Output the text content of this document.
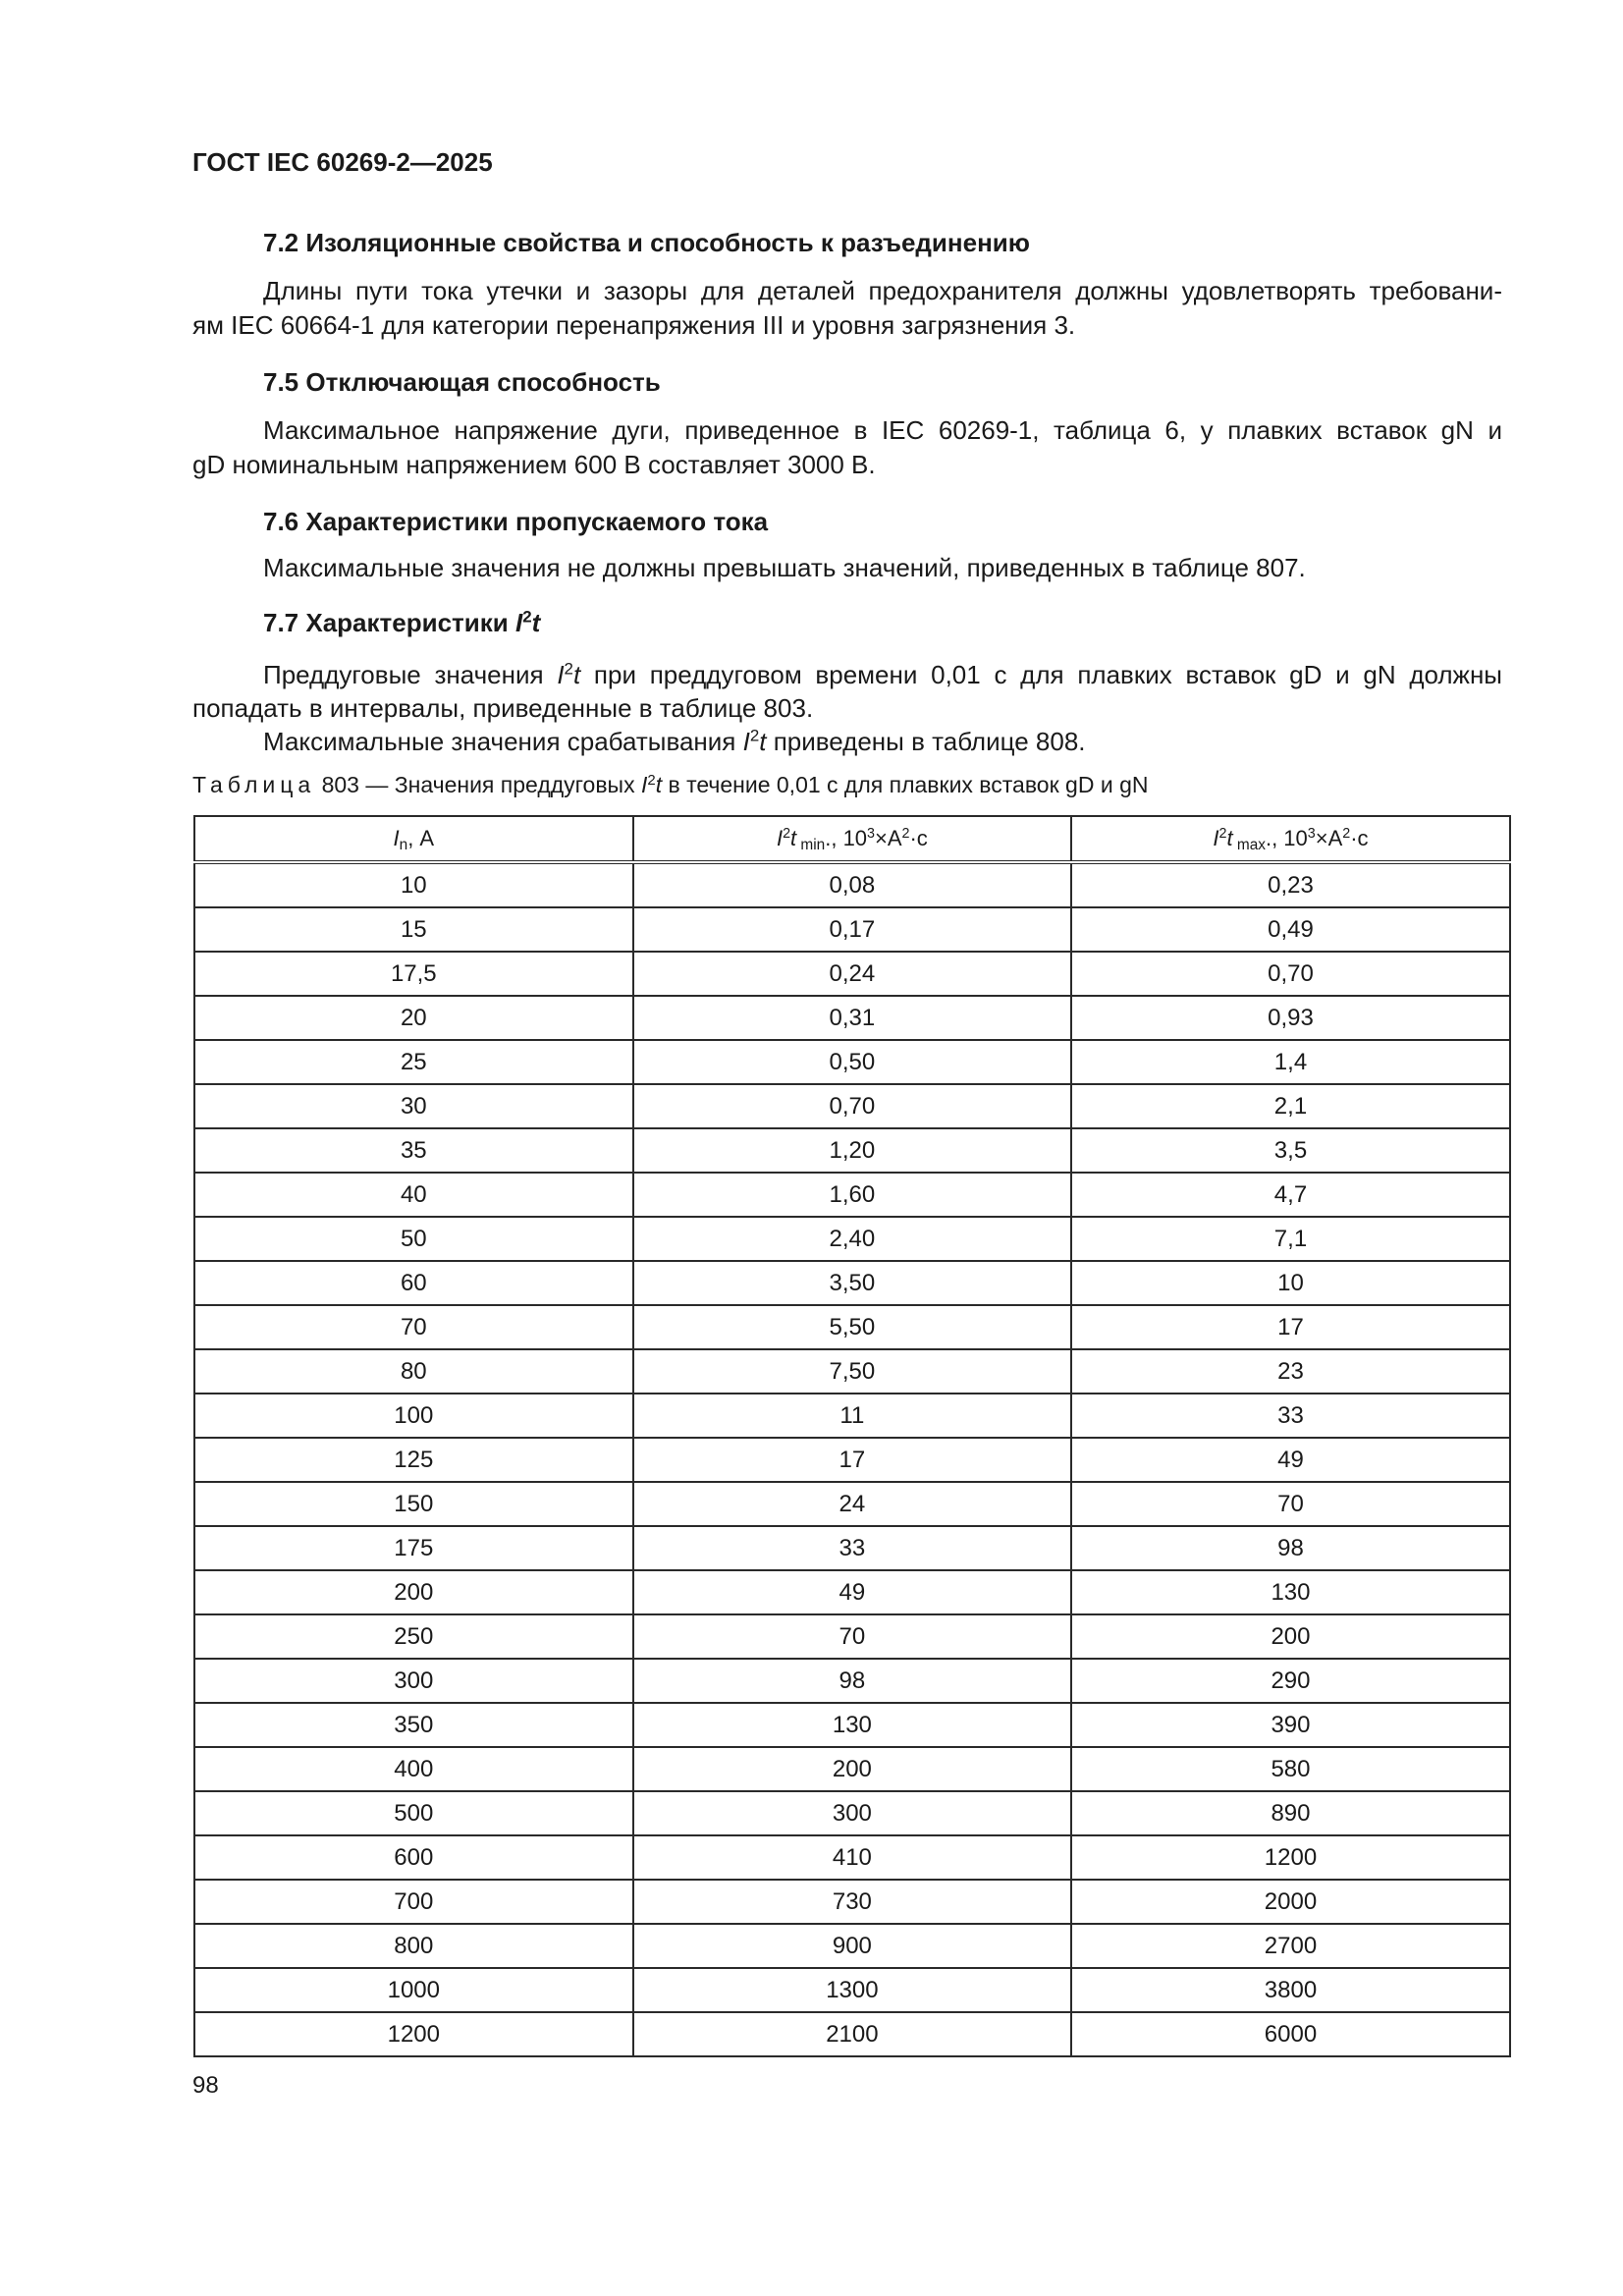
ГОСТ IEC 60269-2—2025
7.2 Изоляционные свойства и способность к разъединению
Длины пути тока утечки и зазоры для деталей предохранителя должны удовлетворять требовани-
ям IEC 60664-1 для категории перенапряжения III и уровня загрязнения 3.
7.5 Отключающая способность
Максимальное напряжение дуги, приведенное в IEC 60269-1, таблица 6, у плавких вставок gN и
gD номинальным напряжением 600 В составляет 3000 В.
7.6 Характеристики пропускаемого тока
Максимальные значения не должны превышать значений, приведенных в таблице 807.
7.7 Характеристики $I^2t$
Преддуговые значения $I^2t$ при преддуговом времени 0,01 с для плавких вставок gD и gN должны
попадать в интервалы, приведенные в таблице 803.
Максимальные значения срабатывания $I^2t$ приведены в таблице 808.
Таблица 803 — Значения преддуговых $I^2t$ в течение 0,01 с для плавких вставок gD и gN
$I_n$, А	$I^2t$ $_{min}$., $10^3\times А^2\cdot с$	$I^2t$ $_{max}$., $10^3\times А^2\cdot с$
10	0,08	0,23
15	0,17	0,49
17,5	0,24	0,70
20	0,31	0,93
25	0,50	1,4
30	0,70	2,1
35	1,20	3,5
40	1,60	4,7
50	2,40	7,1
60	3,50	10
70	5,50	17
80	7,50	23
100	11	33
125	17	49
150	24	70
175	33	98
200	49	130
250	70	200
300	98	290
350	130	390
400	200	580
500	300	890
600	410	1200
700	730	2000
800	900	2700
1000	1300	3800
1200	2100	6000
98
